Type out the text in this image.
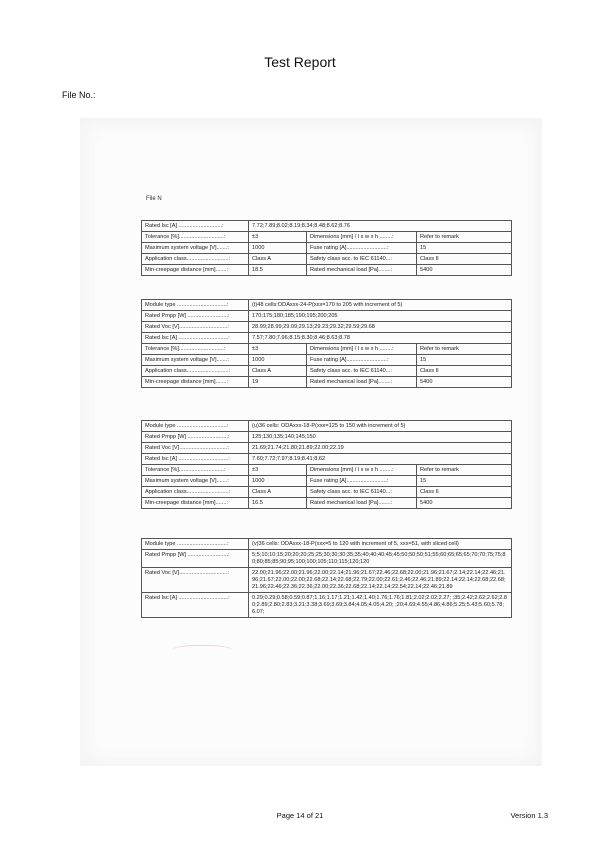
Test Report
File No.:
File N
Rated Isc [A] ............................:	7.72;7.89;8.02;8.19;8.34;8.48;8.62;8.76		
Tolerance [%].............................:	±3	Dimensions [mm] / l x w x h ........:	Refer to remark
Maximum system voltage [V].......:	1000	Fuse rating [A]..........................:	15
Application class...........................:	Class A	Safety class acc. to IEC 61140...:	Class II
Min-creepage distance [mm].......:	18.5	Rated mechanical load [Pa]........:	5400
Module type ................................:	(t)48 cells:ODAxxx-24-P(xxx=170 to 205 with increment of 5)		
Rated Pmpp [W] ..........................:	170;175;180;185;190;195;200;205		
Rated Voc [V]...............................:	28.99;28.99;29.09;29.13;29.23;29.32;29.59;29.68		
Rated Isc [A] ................................:	7.57;7.80;7.96;8.15;8.30;8.46;8.63;8.78		
Tolerance [%].............................:	±3	Dimensions [mm] / l x w x h ........:	Refer to remark
Maximum system voltage [V].......:	1000	Fuse rating [A]..........................:	15
Application class...........................:	Class A	Safety class acc. to IEC 61140...:	Class II
Min-creepage distance [mm].......:	19	Rated mechanical load [Pa]........:	5400
Module type ................................:	(u)36 cells: ODAxxx-18-P(xxx=125 to 150 with increment of 5)		
Rated Pmpp [W] ..........................:	125;130;135;140;145;150		
Rated Voc [V]...............................:	21.69;21.74;21.80;21.89;22.00;22.19		
Rated Isc [A] ................................:	7.60;7.72;7.97;8.19;8.41;8.62		
Tolerance [%].............................:	±3	Dimensions [mm] / l x w x h ........:	Refer to remark
Maximum system voltage [V].......:	1000	Fuse rating [A]..........................:	15
Application class...........................:	Class A	Safety class acc. to IEC 61140...:	Class II
Min-creepage distance [mm].......:	16.5	Rated mechanical load [Pa]........:	5400
Module type ................................:	(v)36 cells: ODAxxx-18-P(xxx=5 to 120 with increment of 5, xxx=51, with sliced cell)
Rated Pmpp [W] ..........................:	5;5;10;10;15;20;20;20;25;25;30;30;30;35;35;40;40;40;45;45;50;50;50;51;55;60;65;65;65;70;70;75;75;80;80;85;85;90;95;100;100;105;110;115;120;120
Rated Voc [V]...............................:	22.00;21.96;22.00;21.96;22.00;22.14;21.96;21.67;22.46;22.68;22.00;21.96;21.67;2.14;22.14;22.46;21.96;21.67;22.00;22.00;22.68;22.14;22.68;22.79;22.00;22.61;2.46;22.46;21.89;22.14;22.14;22.68;22.68;21.96;22.46;22.36;22.36;22.00;22.36;22.68;22.14;22.14;22.54;22.14;22.46;21.89
Rated Isc [A] ................................:	0.29;0.29;0.58;0.59;0.87;1.16;1.17;1.21;1.42;1.40;1.76;1.76;1.81;2.02;2.02;2.27; ;35;2.42;2.62;2.62;2.80;2.89;2.80;2.83;3.21;3.38;3.69;3.69;3.84;4.05;4.05;4.20; ;20;4.69;4.55;4.86;4.86;5.25;5.43;5.60;5.78;6.07;
Page 14 of 21	Version 1.3
